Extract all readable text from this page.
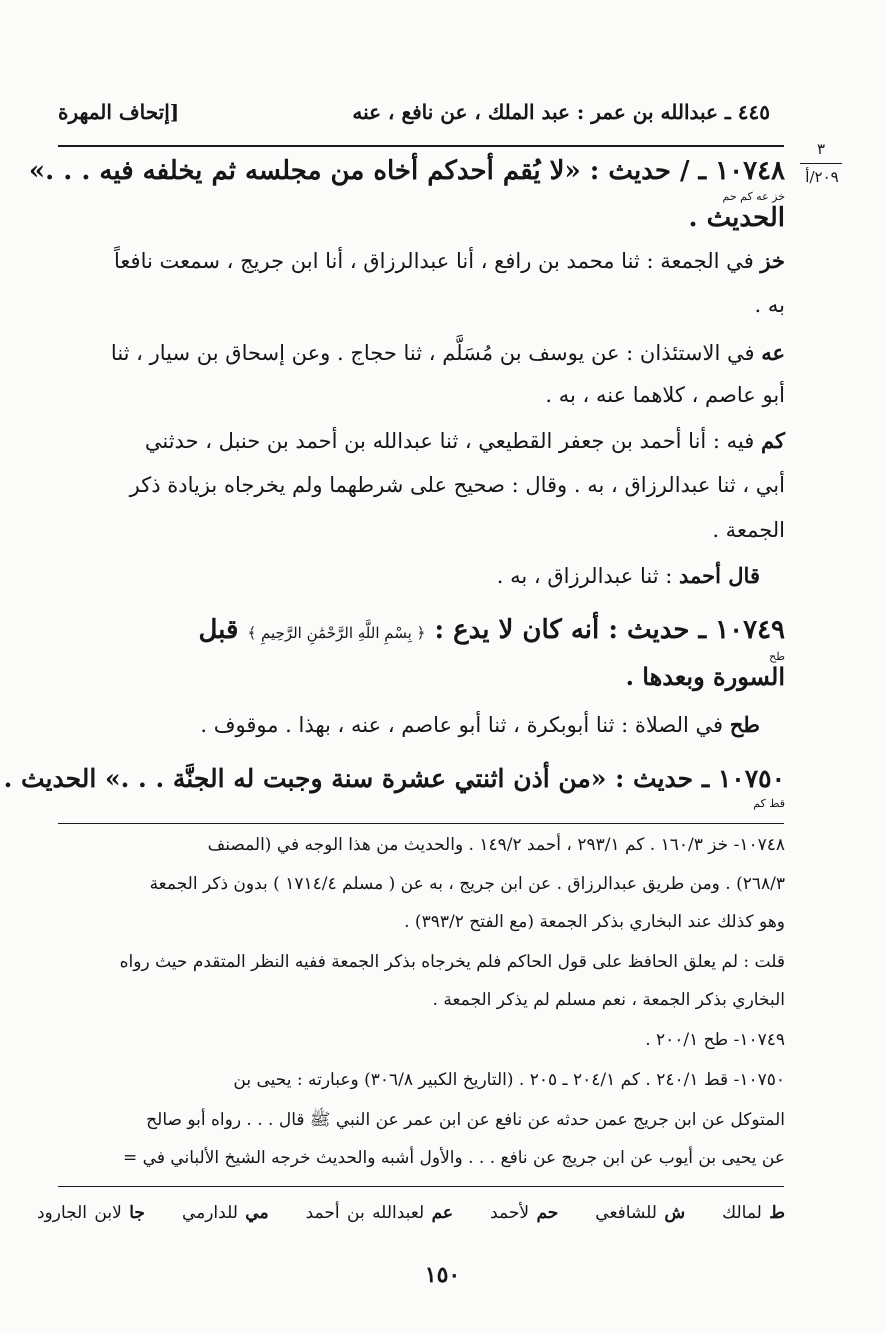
[إتحاف المهرة	٤٤٥ ـ عبدالله بن عمر : عبد الملك ، عن نافع ، عنه
٣
٢٠٩/أ
١٠٧٤٨ ـ / حديث : «لا يُقم أحدكم أخاه من مجلسه ثم يخلفه فيه . . .»
خز عه كم حم
الحديث .
خز في الجمعة : ثنا محمد بن رافع ، أنا عبدالرزاق ، أنا ابن جريج ، سمعت نافعاً
به .
عه في الاستئذان : عن يوسف بن مُسَلَّم ، ثنا حجاج . وعن إسحاق بن سيار ، ثنا
أبو عاصم ، كلاهما عنه ، به .
كم فيه : أنا أحمد بن جعفر القطيعي ، ثنا عبدالله بن أحمد بن حنبل ، حدثني
أبي ، ثنا عبدالرزاق ، به . وقال : صحيح على شرطهما ولم يخرجاه بزيادة ذكر
الجمعة .
قال أحمد : ثنا عبدالرزاق ، به .
١٠٧٤٩ ـ حديث : أنه كان لا يدع : ﴿ بِسْمِ اللَّهِ الرَّحْمَٰنِ الرَّحِيمِ ﴾ قبل
طح
السورة وبعدها .
طح في الصلاة : ثنا أبوبكرة ، ثنا أبو عاصم ، عنه ، بهذا . موقوف .
١٠٧٥٠ ـ حديث : «من أذن اثنتي عشرة سنة وجبت له الجنَّة . . .» الحديث .
قط كم
١٠٧٤٨- خز ١٦٠/٣ . كم ٢٩٣/١ ، أحمد ١٤٩/٢ . والحديث من هذا الوجه في (المصنف
٢٦٨/٣) . ومن طريق عبدالرزاق . عن ابن جريج ، به عن ( مسلم ١٧١٤/٤ ) بدون ذكر الجمعة
وهو كذلك عند البخاري بذكر الجمعة (مع الفتح ٣٩٣/٢) .
قلت : لم يعلق الحافظ على قول الحاكم فلم يخرجاه بذكر الجمعة ففيه النظر المتقدم حيث رواه
البخاري بذكر الجمعة ، نعم مسلم لم يذكر الجمعة .
١٠٧٤٩- طح ٢٠٠/١ .
١٠٧٥٠- قط ٢٤٠/١ . كم ٢٠٤/١ ـ ٢٠٥ . (التاريخ الكبير ٣٠٦/٨) وعبارته : يحيى بن
المتوكل عن ابن جريج عمن حدثه عن نافع عن ابن عمر عن النبي ﷺ قال . . . رواه أبو صالح
عن يحيى بن أيوب عن ابن جريج عن نافع . . . والأول أشبه والحديث خرجه الشيخ الألباني في =
ط لمالك     ش للشافعي     حم لأحمد     عم لعبدالله بن أحمد     مي للدارمي     جا لابن الجارود
١٥٠
